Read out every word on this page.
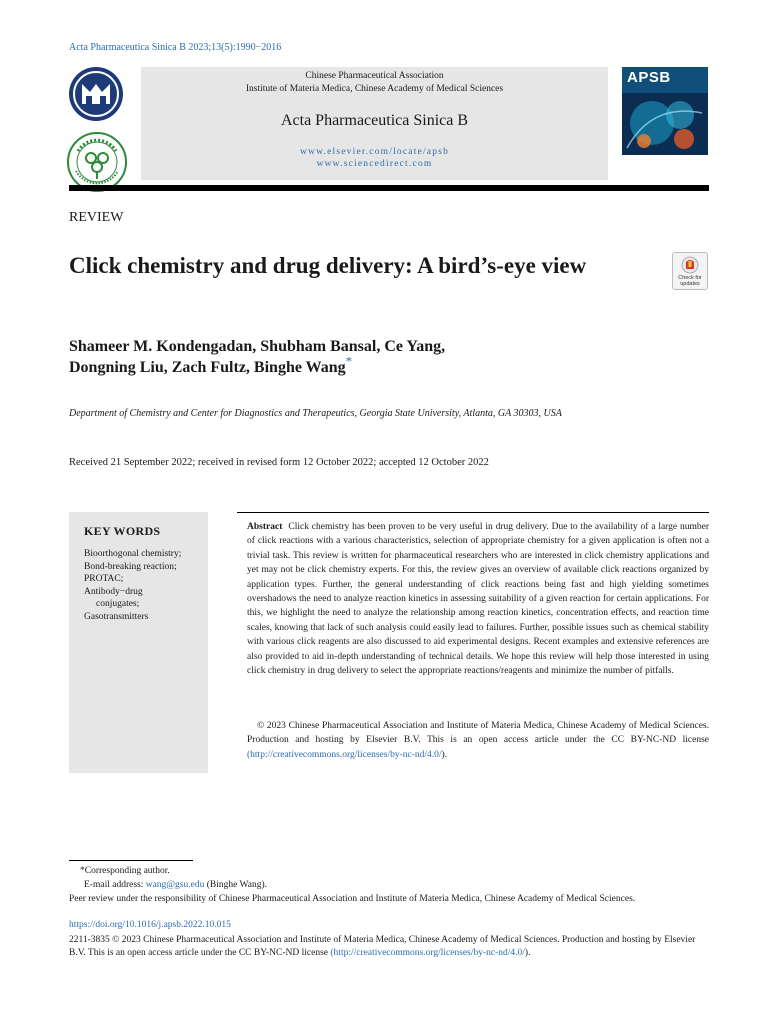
Acta Pharmaceutica Sinica B 2023;13(5):1990−2016

Chinese Pharmaceutical Association
Institute of Materia Medica, Chinese Academy of Medical Sciences
Acta Pharmaceutica Sinica B
www.elsevier.com/locate/apsb
www.sciencedirect.com
APSB
REVIEW
Click chemistry and drug delivery: A bird’s-eye view	Check for
updates
Shameer M. Kondengadan, Shubham Bansal, Ce Yang,
Dongning Liu, Zach Fultz, Binghe Wang*
Department of Chemistry and Center for Diagnostics and Therapeutics, Georgia State University, Atlanta, GA 30303, USA
Received 21 September 2022; received in revised form 12 October 2022; accepted 12 October 2022
KEY WORDS
Bioorthogonal chemistry;
Bond-breaking reaction;
PROTAC;
Antibody−drug
conjugates;
Gasotransmitters
Abstract Click chemistry has been proven to be very useful in drug delivery. Due to the availability of a large number of click reactions with a various characteristics, selection of appropriate chemistry for a given application is often not a trivial task. This review is written for pharmaceutical researchers who are interested in click chemistry applications and yet may not be click chemistry experts. For this, the review gives an overview of available click reactions organized by application types. Further, the general understanding of click reactions being fast and high yielding sometimes overshadows the need to analyze reaction kinetics in assessing suitability of a given reaction for certain applications. For this, we highlight the need to analyze the relationship among reaction kinetics, concentration effects, and reaction time scales, knowing that lack of such analysis could easily lead to failures. Further, possible issues such as chemical stability with various click reagents are also discussed to aid experimental designs. Recent examples and extensive references are also provided to aid in-depth understanding of technical details. We hope this review will help those interested in using click chemistry in drug delivery to select the appropriate reactions/reagents and minimize the number of pitfalls.
© 2023 Chinese Pharmaceutical Association and Institute of Materia Medica, Chinese Academy of Medical Sciences. Production and hosting by Elsevier B.V. This is an open access article under the CC BY-NC-ND license (http://creativecommons.org/licenses/by-nc-nd/4.0/).
*Corresponding author.
E-mail address: wang@gsu.edu (Binghe Wang).
Peer review under the responsibility of Chinese Pharmaceutical Association and Institute of Materia Medica, Chinese Academy of Medical Sciences.
https://doi.org/10.1016/j.apsb.2022.10.015
2211-3835 © 2023 Chinese Pharmaceutical Association and Institute of Materia Medica, Chinese Academy of Medical Sciences. Production and hosting by Elsevier B.V. This is an open access article under the CC BY-NC-ND license (http://creativecommons.org/licenses/by-nc-nd/4.0/).
